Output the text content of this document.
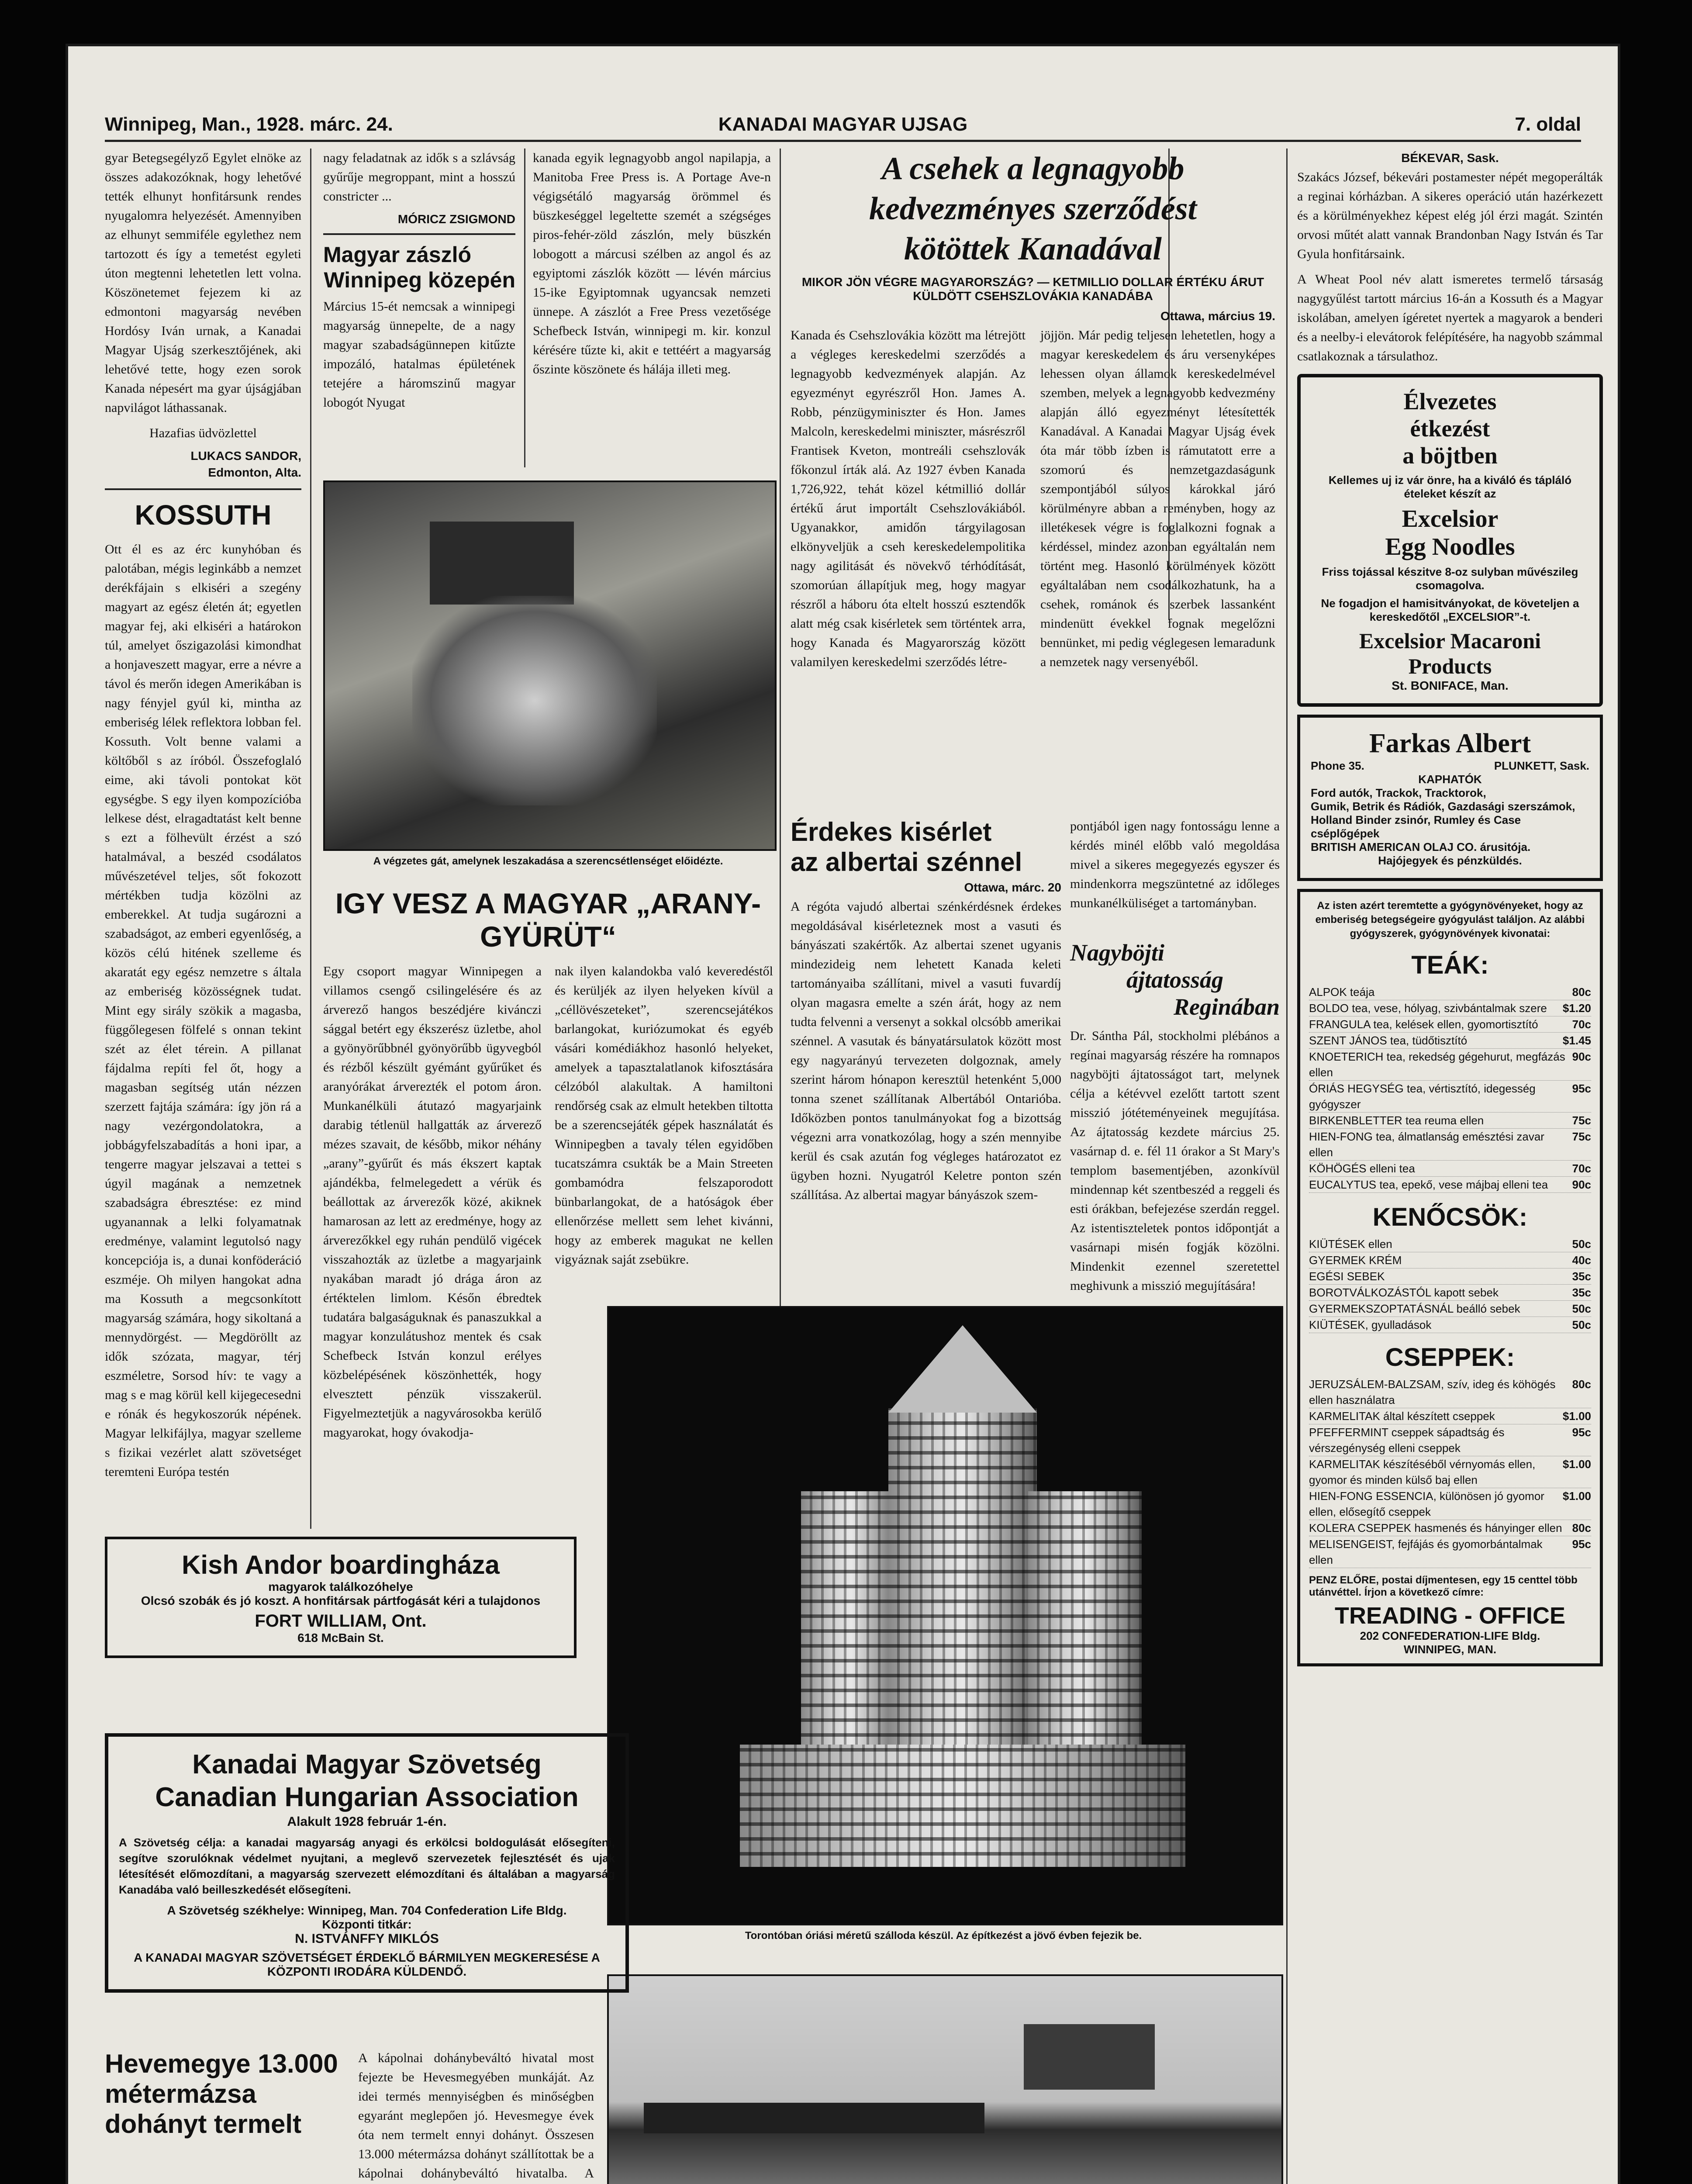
Winnipeg, Man., 1928. márc. 24.	KANADAI MAGYAR UJSAG	7. oldal

gyar Betegsegélyző Egylet elnöke az összes adakozóknak, hogy lehetővé tették elhunyt honfitársunk rendes nyugalomra helyezését. Amennyiben az elhunyt semmiféle egylethez nem tartozott és így a temetést egyleti úton megtenni lehetetlen lett volna. Köszönetemet fejezem ki az edmontoni magyarság nevében Hordósy Iván urnak, a Kanadai Magyar Ujság szerkesztőjének, aki lehetővé tette, hogy ezen sorok Kanada népesért ma gyar újságjában napvilágot láthassanak.

Hazafias üdvözlettel

LUKACS SANDOR,
Edmonton, Alta.
KOSSUTH

Ott él es az érc kunyhóban és palotában, mégis leginkább a nemzet derékfájain s elkiséri a szegény magyart az egész életén át; egyetlen magyar fej, aki elkiséri a határokon túl, amelyet őszigazolási kimondhat a honjaveszett magyar, erre a névre a távol és merőn idegen Amerikában is nagy fényjel gyúl ki, mintha az emberiség lélek reflektora lobban fel. Kossuth. Volt benne valami a költőből s az íróból. Összefoglaló eime, aki távoli pontokat köt egységbe. S egy ilyen kompozícióba lelkese dést, elragadtatást kelt benne s ezt a fölhevült érzést a szó hatalmával, a beszéd csodálatos művészetével teljes, sőt fokozott mértékben tudja közölni az emberekkel. At tudja sugározni a szabadságot, az emberi egyenlőség, a közös célú hitének szelleme és akaratát egy egész nemzetre s általa az emberiség közösségnek tudat. Mint egy sirály szökik a magasba, függőlegesen fölfelé s onnan tekint szét az élet térein. A pillanat fájdalma repíti fel őt, hogy a magasban segítség után nézzen szerzett fajtája számára: így jön rá a nagy vezérgondolatokra, a jobbágyfelszabadítás a honi ipar, a tengerre magyar jelszavai a tettei s úgyil magának a nemzetnek szabadságra ébresztése: ez mind ugyanannak a lelki folyamatnak eredménye, valamint legutolsó nagy koncepciója is, a dunai konföderáció eszméje. Oh milyen hangokat adna ma Kossuth a megcsonkított magyarság számára, hogy sikoltaná a mennydörgést. — Megdöröllt az idők szózata, magyar, térj eszméletre, Sorsod hív: te vagy a mag s e mag körül kell kijegecesedni e rónák és hegykoszorúk népének. Magyar lelkifájlya, magyar szelleme s fizikai vezérlet alatt szövetséget teremteni Európa testén

nagy feladatnak az idők s a szlávság gyűrűje megroppant, mint a hosszú constricter ...

MÓRICZ ZSIGMOND
Magyar zászló
Winnipeg közepén

Március 15-ét nemcsak a winnipegi magyarság ünnepelte, de a nagy magyar szabadságünnepen kitűzte impozáló, hatalmas épületének tetejére a háromszinű magyar lobogót Nyugat

kanada egyik legnagyobb angol napilapja, a Manitoba Free Press is. A Portage Ave-n végigsétáló magyarság örömmel és büszkeséggel legeltette szemét a szégséges piros-fehér-zöld zászlón, mely büszkén lobogott a márcusi szélben az angol és az egyiptomi zászlók között — lévén március 15-ike Egyiptomnak ugyancsak nemzeti ünnepe. A zászlót a Free Press vezetősége Schefbeck István, winnipegi m. kir. konzul kérésére tűzte ki, akit e tettéért a magyarság őszinte köszönete és hálája illeti meg.

A végzetes gát, amelynek leszakadása a szerencsétlenséget előidézte.
IGY VESZ A MAGYAR „ARANY-
GYÜRÜT“

Egy csoport magyar Winnipegen a villamos csengő csilingelésére és az árverező hangos beszédjére kivánczi sággal betért egy ékszerész üzletbe, ahol a gyönyörűbbnél gyönyörűbb ügyvegból és rézből készült gyémánt gyűrűket és aranyórákat árverezték el potom áron. Munkanélküli átutazó magyarjaink darabig tétlenül hallgatták az árverező mézes szavait, de később, mikor néhány „arany”-gyűrűt és más ékszert kaptak ajándékba, felmelegedett a vérük és beállottak az árverezők közé, akiknek hamarosan az lett az eredménye, hogy az árverezőkkel egy ruhán pendülő vigécek visszahozták az üzletbe a magyarjaink nyakában maradt jó drága áron az értéktelen limlom. Későn ébredtek tudatára balgaságuknak és panaszukkal a magyar konzulátushoz mentek és csak Schefbeck István konzul erélyes közbelépésének köszönhették, hogy elvesztett pénzük visszakerül. Figyelmeztetjük a nagyvárosokba kerülő magyarokat, hogy óvakodja-

nak ilyen kalandokba való keveredéstől és kerüljék az ilyen helyeken kívül a „céllövészeteket”, szerencsejátékos barlangokat, kuriózumokat és egyéb vásári komédiákhoz hasonló helyeket, amelyek a tapasztalatlanok kifosztására célzóból alakultak. A hamiltoni rendőrség csak az elmult hetekben tiltotta be a szerencsejáték gépek használatát és Winnipegben a tavaly télen egyidőben tucatszámra csukták be a Main Streeten gombamódra felszaporodott bünbarlangokat, de a hatóságok éber ellenőrzése mellett sem lehet kivánni, hogy az emberek magukat ne kellen vigyáznak saját zsebükre.

A csehek a legnagyobb
kedvezményes szerződést
kötöttek Kanadával
MIKOR JÖN VÉGRE MAGYARORSZÁG? — KETMILLIO DOLLAR ÉRTÉKU ÁRUT KÜLDÖTT CSEHSZLOVÁKIA KANADÁBA
Ottawa, március 19.

Kanada és Csehszlovákia között ma létrejött a végleges kereskedelmi szerződés a legnagyobb kedvezmények alapján. Az egyezményt egyrészről Hon. James A. Robb, pénzügyminiszter és Hon. James Malcoln, kereskedelmi miniszter, másrészről Frantisek Kveton, montreáli csehszlovák főkonzul írták alá. Az 1927 évben Kanada 1,726,922, tehát közel kétmillió dollár értékű árut importált Csehszlovákiából. Ugyanakkor, amidőn tárgyilagosan elkönyveljük a cseh kereskedelempolitika nagy agilitását és növekvő térhódítását, szomorúan állapítjuk meg, hogy magyar részről a háboru óta eltelt hosszú esztendők alatt még csak kisérletek sem történtek arra, hogy Kanada és Magyarország között valamilyen kereskedelmi szerződés létre-

jöjjön. Már pedig teljesen lehetetlen, hogy a magyar kereskedelem és áru versenyképes lehessen olyan államok kereskedelmével szemben, melyek a legnagyobb kedvezmény alapján álló egyezményt létesítették Kanadával. A Kanadai Magyar Ujság évek óta már több ízben is rámutatott erre a szomorú és nemzetgazdaságunk szempontjából súlyos károkkal járó körülményre abban a reményben, hogy az illetékesek végre is foglalkozni fognak a kérdéssel, mindez azonban egyáltalán nem történt meg. Hasonló körülmények között egyáltalában nem csodálkozhatunk, ha a csehek, románok és szerbek lassanként mindenütt évekkel fognak megelőzni bennünket, mi pedig véglegesen lemaradunk a nemzetek nagy versenyéből.

Érdekes kisérlet
az albertai szénnel
Ottawa, márc. 20

A régóta vajudó albertai szénkérdésnek érdekes megoldásával kisérleteznek most a vasuti és bányászati szakértők. Az albertai szenet ugyanis mindezideig nem lehetett Kanada keleti tartományaiba szállítani, mivel a vasuti fuvardíj olyan magasra emelte a szén árát, hogy az nem tudta felvenni a versenyt a sokkal olcsóbb amerikai szénnel. A vasutak és bányatársulatok között most egy nagyarányú tervezeten dolgoznak, amely szerint három hónapon keresztül hetenként 5,000 tonna szenet szállítanak Albertából Ontarióba. Időközben pontos tanulmányokat fog a bizottság végezni arra vonatkozólag, hogy a szén mennyibe kerül és csak azután fog végleges határozatot ez ügyben hozni. Nyugatról Keletre ponton szén szállítása. Az albertai magyar bányászok szem-

pontjából igen nagy fontosságu lenne a kérdés minél előbb való megoldása mivel a sikeres megegyezés egyszer és mindenkorra megszüntetné az időleges munkanélküliséget a tartományban.

Nagyböjti
ájtatosság
Reginában

Dr. Sántha Pál, stockholmi plébános a regínai magyarság részére ha romnapos nagyböjti ájtatosságot tart, melynek célja a kétévvel ezelőtt tartott szent misszió jótéteményeinek megujítása. Az ájtatosság kezdete március 25. vasárnap d. e. fél 11 órakor a St Mary's templom basementjében, azonkívül mindennap két szentbeszéd a reggeli és esti órákban, befejezése szerdán reggel. Az istentiszteletek pontos időpontját a vasárnapi misén fogják közölni. Mindenkit ezennel szeretettel meghivunk a misszió megujítására!

Torontóban óriási méretű szálloda készül. Az építkezést a jövő évben fejezik be.
Kish Andor boardingháza
magyarok találkozóhelye
Olcsó szobák és jó koszt. A honfitársak pártfogását kéri a tulajdonos
FORT WILLIAM, Ont.
618 McBain St.
Kanadai Magyar Szövetség
Canadian Hungarian Association
Alakult 1928 február 1-én.

A Szövetség célja: a kanadai magyarság anyagi és erkölcsi boldogulását elősegíteni, segítve szorulóknak védelmet nyujtani, a meglevő szervezetek fejlesztését és ujak létesítését előmozdítani, a magyarság szervezett elémozdítani és általában a magyarság Kanadába való beilleszkedését elősegíteni.

A Szövetség székhelye: Winnipeg, Man. 704 Confederation Life Bldg.
Központi titkár:
N. ISTVÁNFFY MIKLÓS
A KANADAI MAGYAR SZÖVETSÉGET ÉRDEKLŐ BÁRMILYEN MEGKERESÉSE A KÖZPONTI IRODÁRA KÜLDENDŐ.
Hevemegye 13.000
métermázsa
dohányt termelt

A kápolnai dohánybeváltó hivatal most fejezte be Hevesmegyében munkáját. Az idei termés mennyiségben és minőségben egyaránt meglepően jó. Hevesmegye évek óta nem termelt ennyi dohányt. Összesen 13.000 métermázsa dohányt szállítottak be a kápolnai dohánybeváltó hivatalba. A

BÉKEVAR, Sask.

Szakács József, békevári postamester népét megoperálták a reginai kórházban. A sikeres operáció után hazérkezett és a körülményekhez képest elég jól érzi magát. Szintén orvosi műtét alatt vannak Brandonban Nagy István és Tar Gyula honfitársaink.

A Wheat Pool név alatt ismeretes termelő társaság nagygyűlést tartott március 16-án a Kossuth és a Magyar iskolában, amelyen ígéretet nyertek a magyarok a benderi és a neelby-i elevátorok felépítésére, ha nagyobb számmal csatlakoznak a társulathoz.

Élvezetes
étkezést
a böjtben
Kellemes uj iz vár önre, ha a kiváló és tápláló ételeket készít az
Excelsior
Egg Noodles
Friss tojással készitve 8-oz sulyban művészileg csomagolva.
Ne fogadjon el hamisitványokat, de követeljen a kereskedőtől „EXCELSIOR”-t.
Excelsior Macaroni
Products
St. BONIFACE, Man.
Farkas Albert
Phone 35.	PLUNKETT, Sask.
KAPHATÓK
Ford autók, Trackok, Tracktorok,
Gumik, Betrik és Rádiók, Gazdasági szerszámok, Holland Binder zsinór, Rumley és Case cséplőgépek
BRITISH AMERICAN OLAJ CO. árusitója.
Hajójegyek és pénzküldés.
Az isten azért teremtette a gyógynövényeket, hogy az emberiség betegségeire gyógyulást találjon. Az alábbi gyógyszerek, gyógynövények kivonatai:
TEÁK:
ALPOK teája	80c
BOLDO tea, vese, hólyag, szivbántalmak szere $1.20
FRANGULA tea, kelések ellen, gyomortisztító	70c
SZENT JÁNOS tea, tüdőtisztító	$1.45
KNOETERICH tea, rekedség gégehurut, megfázás ellen
90c
ÓRIÁS HEGYSÉG tea, vértisztító, idegesség gyógyszer
95c
BIRKENBLETTER tea reuma ellen	75c
HIEN-FONG tea, álmatlanság emésztési zavar ellen
75c
KÖHÖGÉS elleni tea	70c
EUCALYTUS tea, epekő, vese májbaj elleni tea 90c
KENŐCSÖK:
KIÜTÉSEK ellen	50c
GYERMEK KRÉM	40c
EGÉSI SEBEK	35c
BOROTVÁLKOZÁSTÓL kapott sebek	35c
GYERMEKSZOPTATÁSNÁL beálló sebek	50c
KIÜTÉSEK, gyulladások	50c
CSEPPEK:
JERUZSÁLEM-BALZSAM, szív, ideg és köhögés ellen használatra
80c
KARMELITAK által készített cseppek	$1.00
PFEFFERMINT cseppek sápadtság és vérszegénység elleni cseppek
95c
KARMELITAK készítéséből vérnyomás ellen, gyomor és minden külső baj ellen
$1.00
HIEN-FONG ESSENCIA, különösen jó gyomor ellen, elősegítő cseppek
$1.00
KOLERA CSEPPEK hasmenés és hányinger ellen 80c
MELISENGEIST, fejfájás és gyomorbántalmak ellen
95c
PENZ ELŐRE, postai díjmentesen, egy 15 centtel több utánvéttel. Írjon a következő címre:
TREADING - OFFICE
202 CONFEDERATION-LIFE Bldg.
WINNIPEG, MAN.
